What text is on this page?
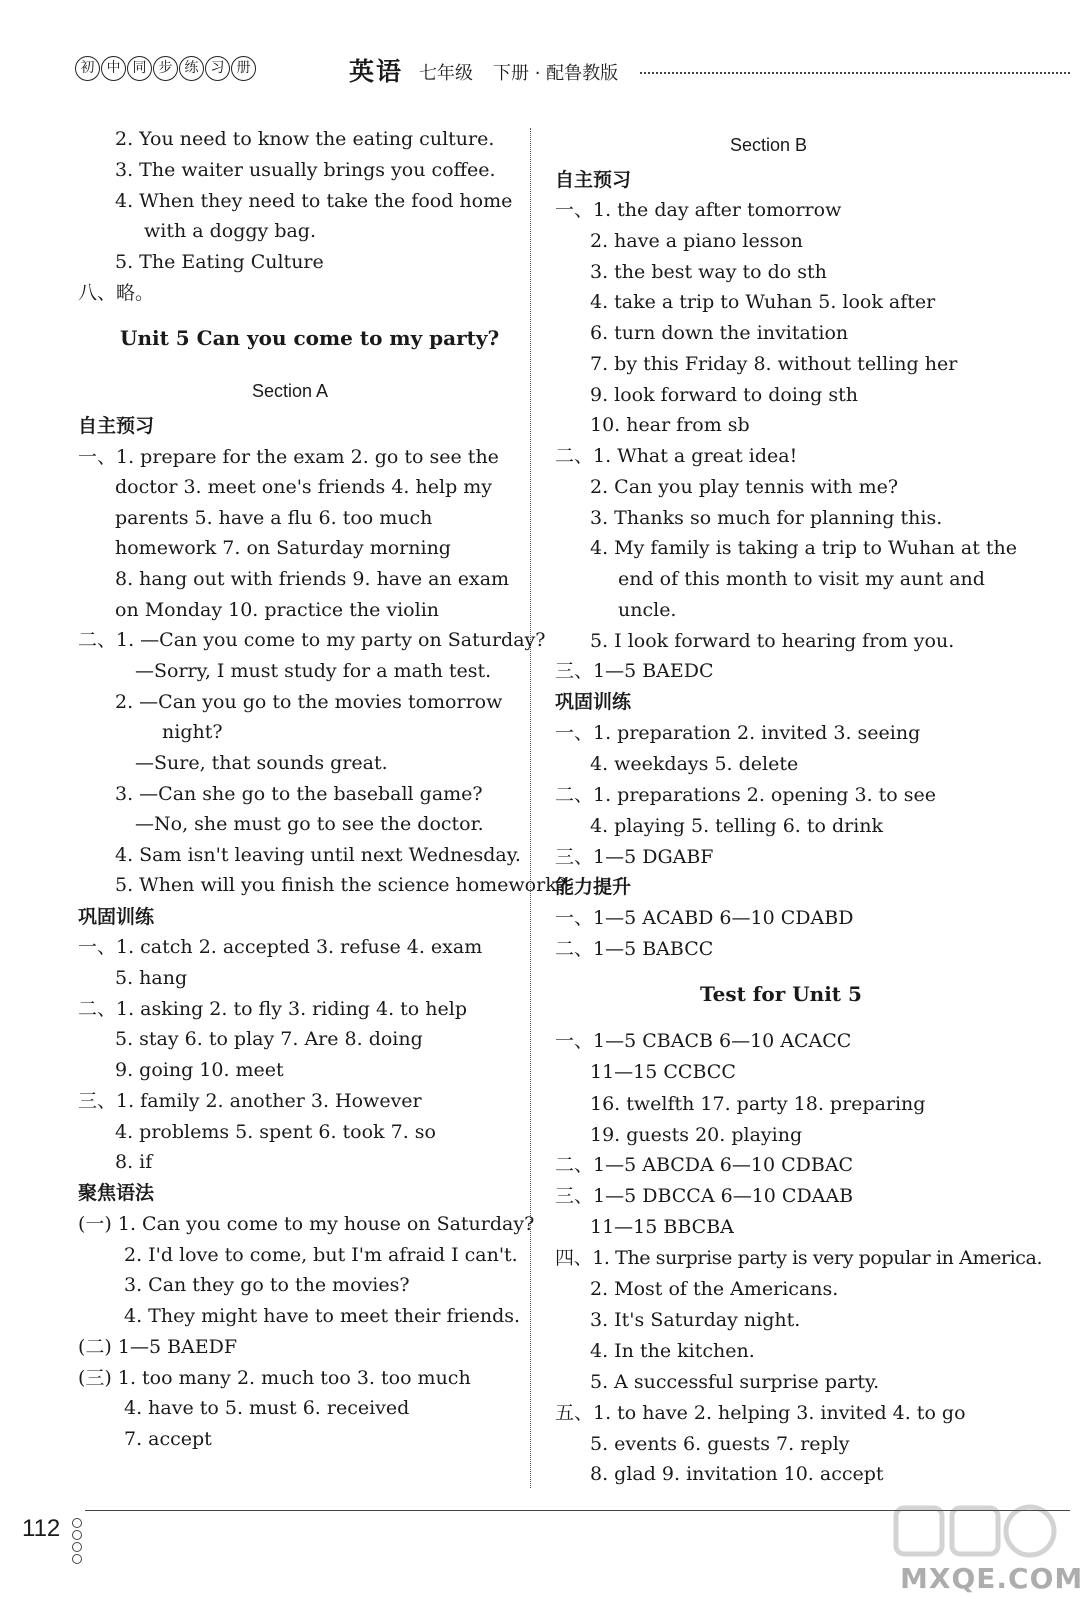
初 中 同 步 练 习 册	英语 七年级 下册 · 配鲁教版
2. You need to know the eating culture.
3. The waiter usually brings you coffee.
4. When they need to take the food home
with a doggy bag.
5. The Eating Culture
八、略。
Unit 5 Can you come to my party?
Section A
自主预习
一、1. prepare for the exam 2. go to see the
doctor 3. meet one's friends 4. help my
parents 5. have a flu 6. too much
homework 7. on Saturday morning
8. hang out with friends 9. have an exam
on Monday 10. practice the violin
二、1. —Can you come to my party on Saturday?
—Sorry, I must study for a math test.
2. —Can you go to the movies tomorrow
night?
—Sure, that sounds great.
3. —Can she go to the baseball game?
—No, she must go to see the doctor.
4. Sam isn't leaving until next Wednesday.
5. When will you finish the science homework?
巩固训练
一、1. catch 2. accepted 3. refuse 4. exam
5. hang
二、1. asking 2. to fly 3. riding 4. to help
5. stay 6. to play 7. Are 8. doing
9. going 10. meet
三、1. family 2. another 3. However
4. problems 5. spent 6. took 7. so
8. if
聚焦语法
(一) 1. Can you come to my house on Saturday?
2. I'd love to come, but I'm afraid I can't.
3. Can they go to the movies?
4. They might have to meet their friends.
(二) 1—5 BAEDF
(三) 1. too many 2. much too 3. too much
4. have to 5. must 6. received
7. accept
Section B
自主预习
一、1. the day after tomorrow
2. have a piano lesson
3. the best way to do sth
4. take a trip to Wuhan 5. look after
6. turn down the invitation
7. by this Friday 8. without telling her
9. look forward to doing sth
10. hear from sb
二、1. What a great idea!
2. Can you play tennis with me?
3. Thanks so much for planning this.
4. My family is taking a trip to Wuhan at the
end of this month to visit my aunt and
uncle.
5. I look forward to hearing from you.
三、1—5 BAEDC
巩固训练
一、1. preparation 2. invited 3. seeing
4. weekdays 5. delete
二、1. preparations 2. opening 3. to see
4. playing 5. telling 6. to drink
三、1—5 DGABF
能力提升
一、1—5 ACABD 6—10 CDABD
二、1—5 BABCC
Test for Unit 5
一、1—5 CBACB 6—10 ACACC
11—15 CCBCC
16. twelfth 17. party 18. preparing
19. guests 20. playing
二、1—5 ABCDA 6—10 CDBAC
三、1—5 DBCCA 6—10 CDAAB
11—15 BBCBA
四、1. The surprise party is very popular in America.
2. Most of the Americans.
3. It's Saturday night.
4. In the kitchen.
5. A successful surprise party.
五、1. to have 2. helping 3. invited 4. to go
5. events 6. guests 7. reply
8. glad 9. invitation 10. accept
112
MXQE.COM
